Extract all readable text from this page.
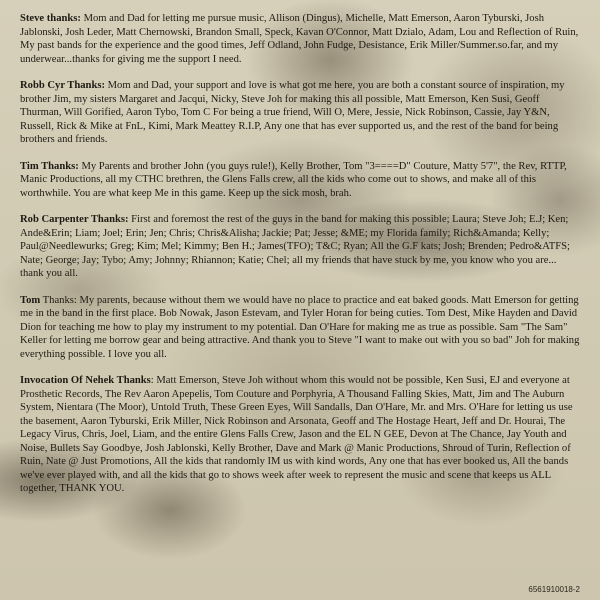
Steve thanks: Mom and Dad for letting me pursue music, Allison (Dingus), Michelle, Matt Emerson, Aaron Tyburski, Josh Jablonski, Josh Leder, Matt Chernowski, Brandon Small, Speck, Kavan O'Connor, Matt Dzialo, Adam, Lou and Reflection of Ruin, My past bands for the experience and the good times, Jeff Odland, John Fudge, Desistance, Erik Miller/Summer.so.far, and my underwear...thanks for giving me the support I need.

Robb Cyr Thanks: Mom and Dad, your support and love is what got me here, you are both a constant source of inspiration, my brother Jim, my sisters Margaret and Jacqui, Nicky, Steve Joh for making this all possible, Matt Emerson, Ken Susi, Geoff Thurman, Will Gorified, Aaron Tybo, Tom C For being a true friend, Will O, Mere, Jessie, Nick Robinson, Cassie, Jay Y&N, Russell, Rick & Mike at FnL, Kimi, Mark Meattey R.I.P, Any one that has ever supported us, and the rest of the band for being brothers and friends.

Tim Thanks: My Parents and brother John (you guys rule!), Kelly Brother, Tom "3====D" Couture, Matty 5'7", the Rev, RTTP, Manic Productions, all my CTHC brethren, the Glens Falls crew, all the kids who come out to shows, and make all of this worthwhile. You are what keep Me in this game. Keep up the sick mosh, brah.

Rob Carpenter Thanks: First and foremost the rest of the guys in the band for making this possible; Laura; Steve Joh; E.J; Ken; Ande&Erin; Liam; Joel; Erin; Jen; Chris; Chris&Alisha; Jackie; Pat; Jesse; &ME; my Florida family; Rich&Amanda; Kelly; Paul@Needlewurks; Greg; Kim; Mel; Kimmy; Ben H.; James(TFO); T&C; Ryan; All the G.F kats; Josh; Brenden; Pedro&ATFS; Nate; George; Jay; Tybo; Amy; Johnny; Rhiannon; Katie; Chel; all my friends that have stuck by me, you know who you are... thank you all.

Tom Thanks: My parents, because without them we would have no place to practice and eat baked goods. Matt Emerson for getting me in the band in the first place. Bob Nowak, Jason Estevam, and Tyler Horan for being cuties. Tom Dest, Mike Hayden and David Dion for teaching me how to play my instrument to my potential. Dan O'Hare for making me as true as possible. Sam "The Sam" Keller for letting me borrow gear and being attractive. And thank you to Steve "I want to make out with you so bad" Joh for making everything possible. I love you all.

Invocation Of Nehek Thanks: Matt Emerson, Steve Joh without whom this would not be possible, Ken Susi, EJ and everyone at Prosthetic Records, The Rev Aaron Apepelis, Tom Couture and Porphyria, A Thousand Falling Skies, Matt, Jim and The Auburn System, Nientara (The Moor), Untold Truth, These Green Eyes, Will Sandalls, Dan O'Hare, Mr. and Mrs. O'Hare for letting us use the basement, Aaron Tyburski, Erik Miller, Nick Robinson and Arsonata, Geoff and The Hostage Heart, Jeff and Dr. Hourai, The Legacy Virus, Chris, Joel, Liam, and the entire Glens Falls Crew, Jason and the EL N GEE, Devon at The Chance, Jay Youth and Noise, Bullets Say Goodbye, Josh Jablonski, Kelly Brother, Dave and Mark @ Manic Productions, Shroud of Turin, Reflection of Ruin, Nate @ Just Promotions, All the kids that randomly IM us with kind words, Any one that has ever booked us, All the bands we've ever played with, and all the kids that go to shows week after week to represent the music and scene that keeps us ALL together, THANK YOU.

6561910018-2
